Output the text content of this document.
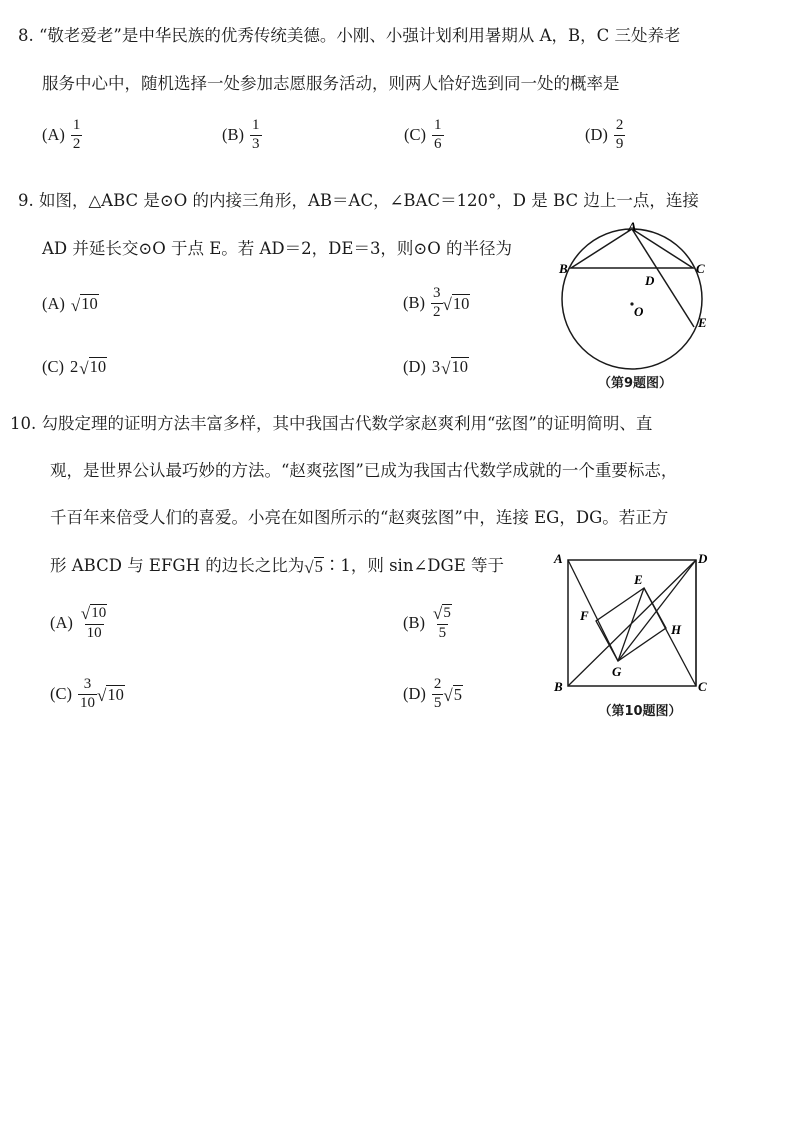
8. “敬老爱老”是中华民族的优秀传统美德。小刚、小强计划利用暑期从 A，B，C 三处养老
服务中心中，随机选择一处参加志愿服务活动，则两人恰好选到同一处的概率是
$(A) \frac{1}{2}$	$(B) \frac{1}{3}$	$(C) \frac{1}{6}$	$(D) \frac{2}{9}$
9. 如图，△ABC 是⊙O 的内接三角形，AB＝AC，∠BAC＝120°，D 是 BC 边上一点，连接
AD 并延长交⊙O 于点 E。若 AD＝2，DE＝3，则⊙O 的半径为
(A) √ 10	$(B) \frac{3}{2}$ √ 10
(C) 2 √ 10	(D) 3 √ 10
A
B	C
D
E
O
（第9题图）
10. 勾股定理的证明方法丰富多样，其中我国古代数学家赵爽利用“弦图”的证明简明、直
观，是世界公认最巧妙的方法。“赵爽弦图”已成为我国古代数学成就的一个重要标志，
千百年来倍受人们的喜爱。小亮在如图所示的“赵爽弦图”中，连接 EG，DG。若正方
形 ABCD 与 EFGH 的边长之比为 √ 5 ∶1，则 sin∠DGE 等于
$(A) \frac{√ 10}{10}$	$(B) \frac{√ 5}{5}$
$(C) \frac{3}{10}$ √ 10	$(D) \frac{2}{5}$ √ 5
A	D
B	C
E
F
G
H
（第10题图）
